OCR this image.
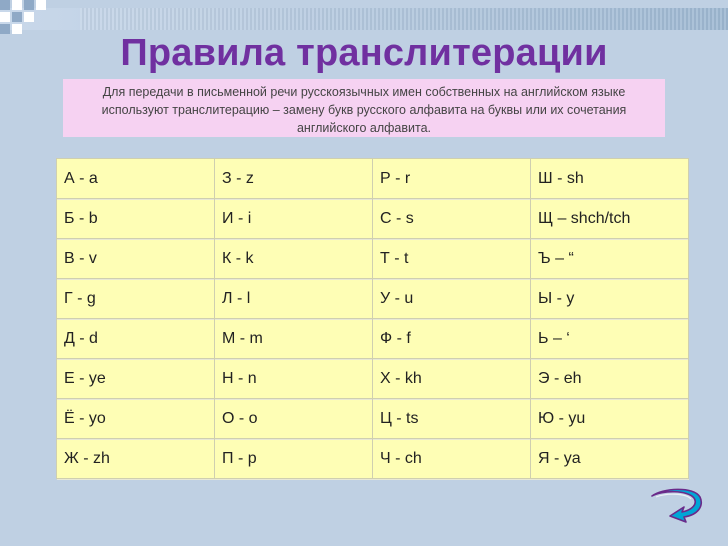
Правила транслитерации
Для передачи в письменной речи русскоязычных имен собственных на английском языке используют транслитерацию – замену букв русского алфавита на буквы или их сочетания английского алфавита.
А - a	З - z	Р - r	Ш - sh
Б - b	И - i	С - s	Щ – shch/tch
В - v	К - k	Т - t	Ъ – “
Г - g	Л - l	У - u	Ы - y
Д - d	М - m	Ф - f	Ь – ‘
Е - ye	Н - n	Х - kh	Э - eh
Ё - yo	О - o	Ц - ts	Ю - yu
Ж - zh	П - p	Ч - ch	Я - ya
